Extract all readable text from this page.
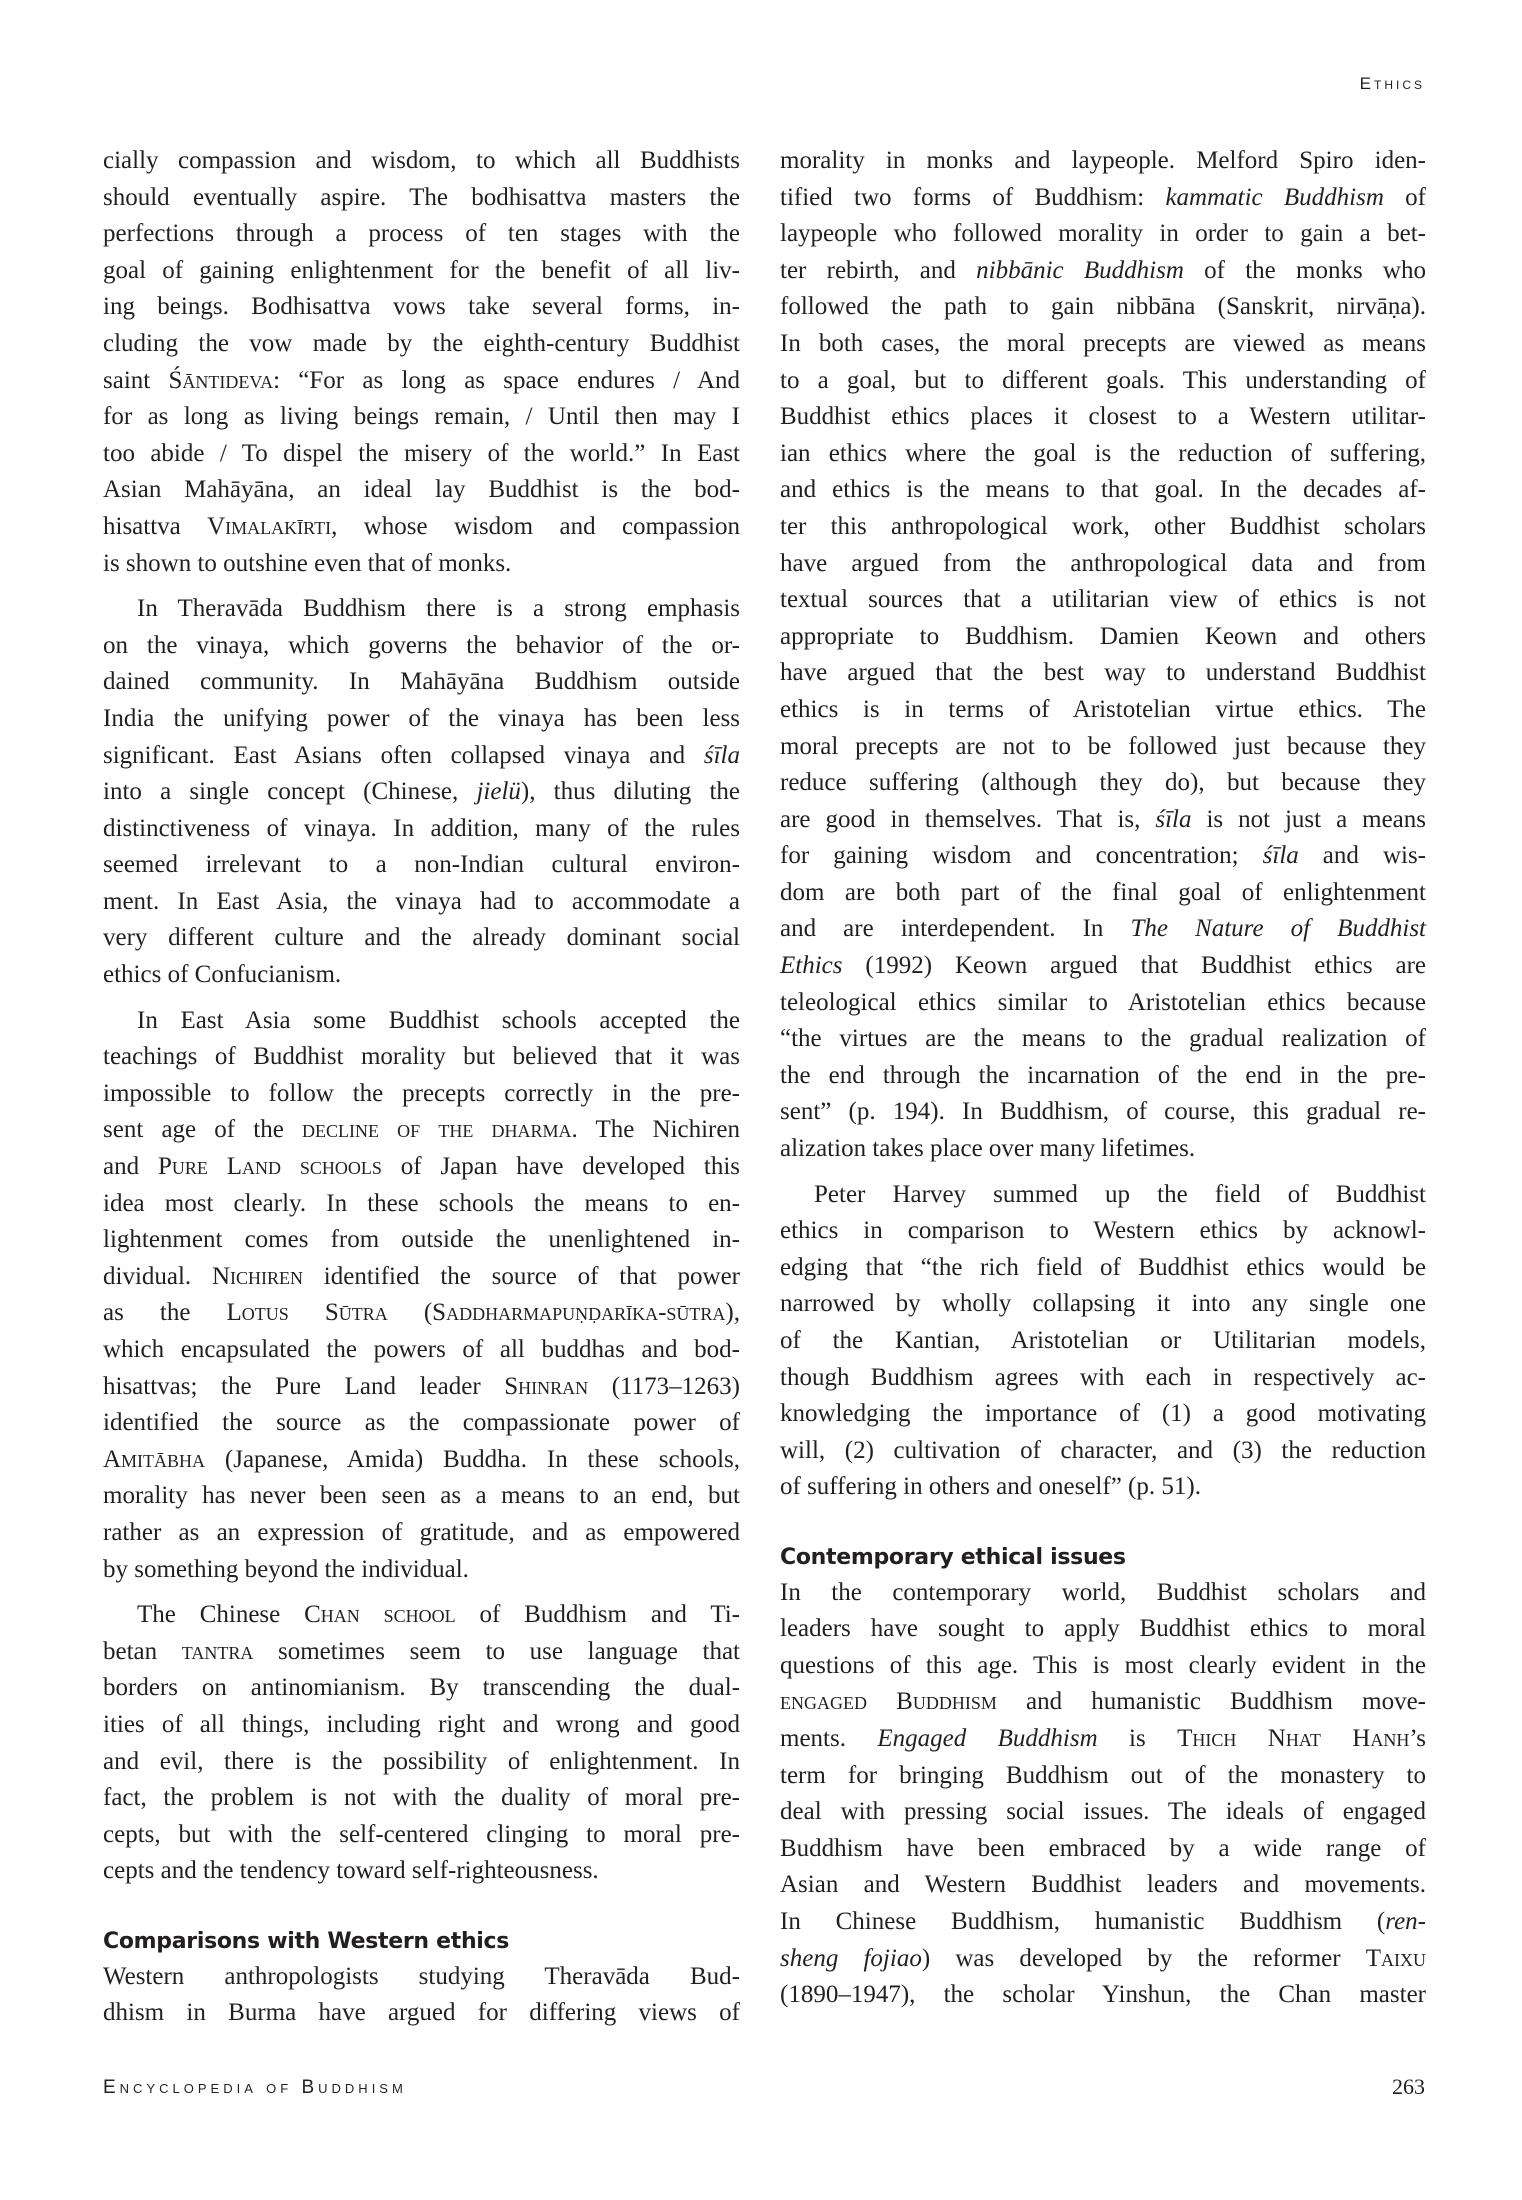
Ethics
cially compassion and wisdom, to which all Buddhists
should eventually aspire. The bodhisattva masters the
perfections through a process of ten stages with the
goal of gaining enlightenment for the benefit of all liv-
ing beings. Bodhisattva vows take several forms, in-
cluding the vow made by the eighth-century Buddhist
saint Śāntideva: “For as long as space endures / And
for as long as living beings remain, / Until then may I
too abide / To dispel the misery of the world.” In East
Asian Mahāyāna, an ideal lay Buddhist is the bod-
hisattva Vimalakīrti, whose wisdom and compassion
is shown to outshine even that of monks.
In Theravāda Buddhism there is a strong emphasis
on the vinaya, which governs the behavior of the or-
dained community. In Mahāyāna Buddhism outside
India the unifying power of the vinaya has been less
significant. East Asians often collapsed vinaya and śīla
into a single concept (Chinese, jielü), thus diluting the
distinctiveness of vinaya. In addition, many of the rules
seemed irrelevant to a non-Indian cultural environ-
ment. In East Asia, the vinaya had to accommodate a
very different culture and the already dominant social
ethics of Confucianism.
In East Asia some Buddhist schools accepted the
teachings of Buddhist morality but believed that it was
impossible to follow the precepts correctly in the pre-
sent age of the decline of the dharma. The Nichiren
and Pure Land schools of Japan have developed this
idea most clearly. In these schools the means to en-
lightenment comes from outside the unenlightened in-
dividual. Nichiren identified the source of that power
as the Lotus Sūtra (Saddharmapuṇḍarīka-sūtra),
which encapsulated the powers of all buddhas and bod-
hisattvas; the Pure Land leader Shinran (1173–1263)
identified the source as the compassionate power of
Amitābha (Japanese, Amida) Buddha. In these schools,
morality has never been seen as a means to an end, but
rather as an expression of gratitude, and as empowered
by something beyond the individual.
The Chinese Chan school of Buddhism and Ti-
betan tantra sometimes seem to use language that
borders on antinomianism. By transcending the dual-
ities of all things, including right and wrong and good
and evil, there is the possibility of enlightenment. In
fact, the problem is not with the duality of moral pre-
cepts, but with the self-centered clinging to moral pre-
cepts and the tendency toward self-righteousness.
Comparisons with Western ethics
Western anthropologists studying Theravāda Bud-
dhism in Burma have argued for differing views of
morality in monks and laypeople. Melford Spiro iden-
tified two forms of Buddhism: kammatic Buddhism of
laypeople who followed morality in order to gain a bet-
ter rebirth, and nibbānic Buddhism of the monks who
followed the path to gain nibbāna (Sanskrit, nirvāṇa).
In both cases, the moral precepts are viewed as means
to a goal, but to different goals. This understanding of
Buddhist ethics places it closest to a Western utilitar-
ian ethics where the goal is the reduction of suffering,
and ethics is the means to that goal. In the decades af-
ter this anthropological work, other Buddhist scholars
have argued from the anthropological data and from
textual sources that a utilitarian view of ethics is not
appropriate to Buddhism. Damien Keown and others
have argued that the best way to understand Buddhist
ethics is in terms of Aristotelian virtue ethics. The
moral precepts are not to be followed just because they
reduce suffering (although they do), but because they
are good in themselves. That is, śīla is not just a means
for gaining wisdom and concentration; śīla and wis-
dom are both part of the final goal of enlightenment
and are interdependent. In The Nature of Buddhist
Ethics (1992) Keown argued that Buddhist ethics are
teleological ethics similar to Aristotelian ethics because
“the virtues are the means to the gradual realization of
the end through the incarnation of the end in the pre-
sent” (p. 194). In Buddhism, of course, this gradual re-
alization takes place over many lifetimes.
Peter Harvey summed up the field of Buddhist
ethics in comparison to Western ethics by acknowl-
edging that “the rich field of Buddhist ethics would be
narrowed by wholly collapsing it into any single one
of the Kantian, Aristotelian or Utilitarian models,
though Buddhism agrees with each in respectively ac-
knowledging the importance of (1) a good motivating
will, (2) cultivation of character, and (3) the reduction
of suffering in others and oneself” (p. 51).
Contemporary ethical issues
In the contemporary world, Buddhist scholars and
leaders have sought to apply Buddhist ethics to moral
questions of this age. This is most clearly evident in the
engaged Buddhism and humanistic Buddhism move-
ments. Engaged Buddhism is Thich Nhat Hanh’s
term for bringing Buddhism out of the monastery to
deal with pressing social issues. The ideals of engaged
Buddhism have been embraced by a wide range of
Asian and Western Buddhist leaders and movements.
In Chinese Buddhism, humanistic Buddhism (ren-
sheng fojiao) was developed by the reformer Taixu
(1890–1947), the scholar Yinshun, the Chan master
Encyclopedia of Buddhism	263
